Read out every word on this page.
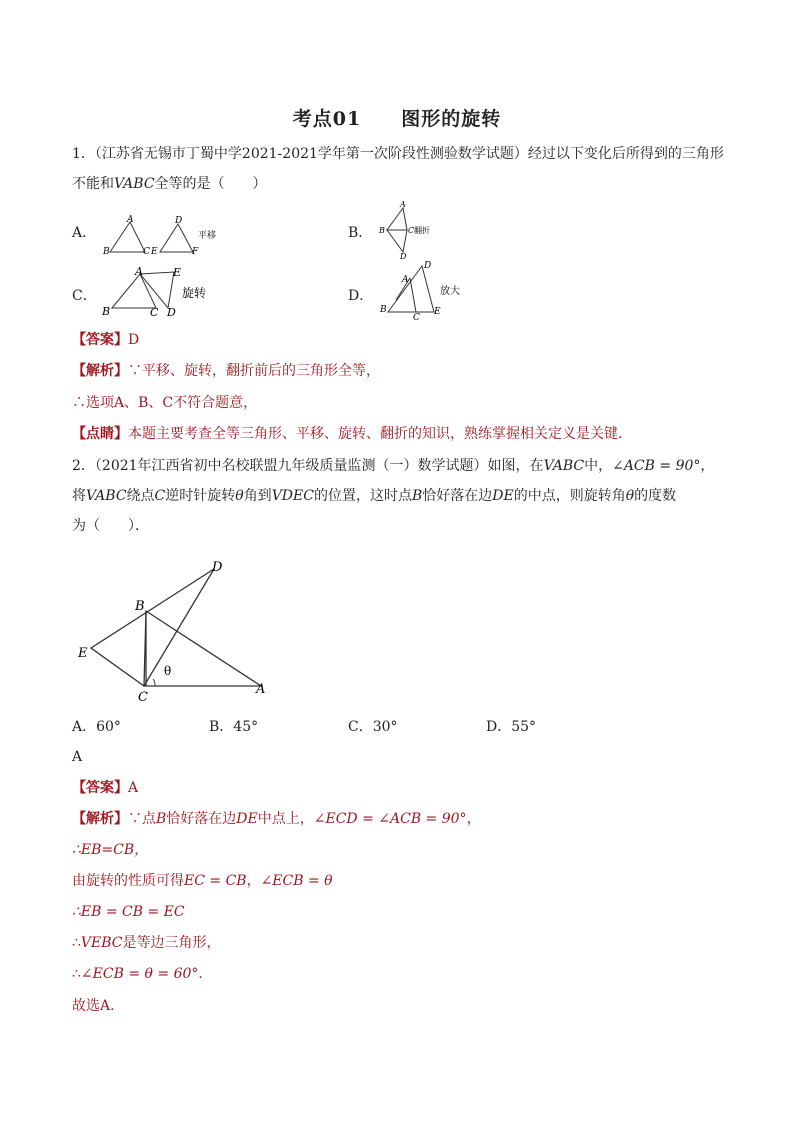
考点01 图形的旋转
1．（江苏省无锡市丁蜀中学2021-2021学年第一次阶段性测验数学试题）经过以下变化后所得到的三角形
不能和VABC全等的是（　　）
A．
A
B	C E
D
F
平移	B．
A
B	C
D
翻折
C．
A	E
B	C D
旋转	D．
D
A
B
C
E
放大
【答案】D
【解析】∵平移、旋转，翻折前后的三角形全等，
∴选项A、B、C不符合题意，
【点睛】本题主要考查全等三角形、平移、旋转、翻折的知识，熟练掌握相关定义是关键．
2．（2021年江西省初中名校联盟九年级质量监测（一）数学试题）如图，在VABC中，∠ACB = 90°，
将VABC绕点C逆时针旋转θ角到VDEC的位置，这时点B恰好落在边DE的中点，则旋转角θ的度数
为（　　）．
D
B
E
C
A
θ
A．60°	B．45°	C．30°	D．55°
A
【答案】A
【解析】∵点B恰好落在边DE中点上，∠ECD = ∠ACB = 90°，
∴EB=CB，
由旋转的性质可得EC = CB，∠ECB = θ
∴EB = CB = EC
∴VEBC是等边三角形，
∴∠ECB = θ = 60°．
故选A．
